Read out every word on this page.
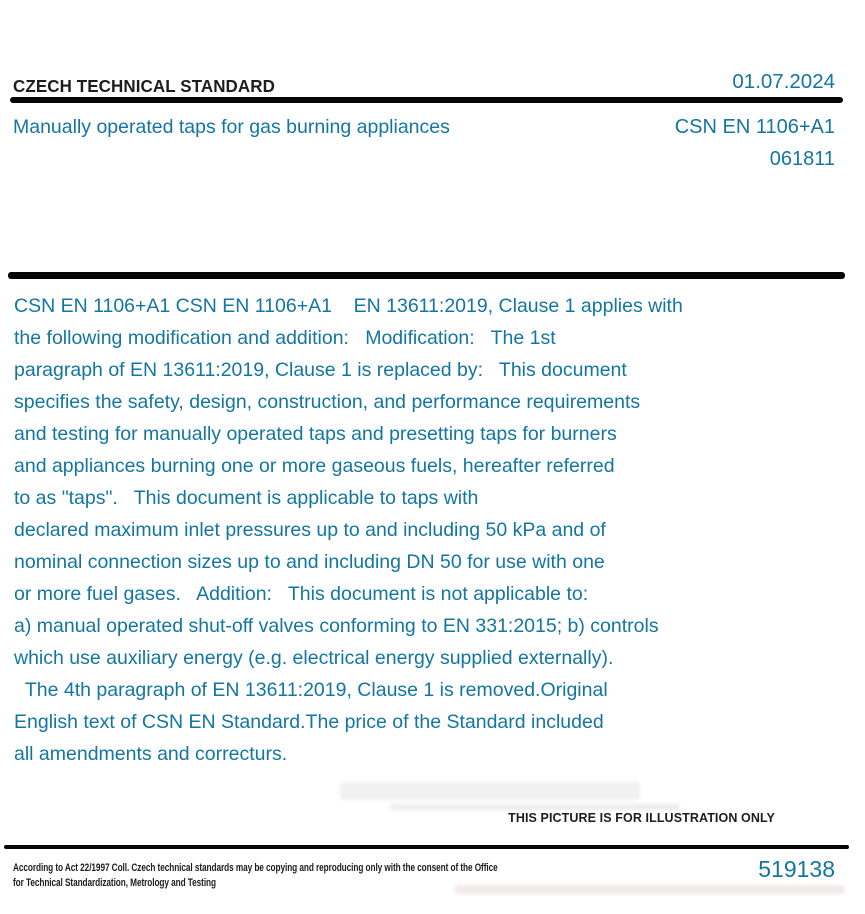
CZECH TECHNICAL STANDARD	01.07.2024
Manually operated taps for gas burning appliances	CSN EN 1106+A1
061811
CSN EN 1106+A1 CSN EN 1106+A1    EN 13611:2019, Clause 1 applies with
the following modification and addition:   Modification:   The 1st
paragraph of EN 13611:2019, Clause 1 is replaced by:   This document
specifies the safety, design, construction, and performance requirements
and testing for manually operated taps and presetting taps for burners
and appliances burning one or more gaseous fuels, hereafter referred
to as "taps".   This document is applicable to taps with
declared maximum inlet pressures up to and including 50 kPa and of
nominal connection sizes up to and including DN 50 for use with one
or more fuel gases.   Addition:   This document is not applicable to:
a) manual operated shut-off valves conforming to EN 331:2015; b) controls
which use auxiliary energy (e.g. electrical energy supplied externally).
The 4th paragraph of EN 13611:2019, Clause 1 is removed.Original
English text of CSN EN Standard.The price of the Standard included
all amendments and correcturs.
THIS PICTURE IS FOR ILLUSTRATION ONLY
According to Act 22/1997 Coll. Czech technical standards may be copying and reproducing only with the consent of the Office
for Technical Standardization, Metrology and Testing
519138
